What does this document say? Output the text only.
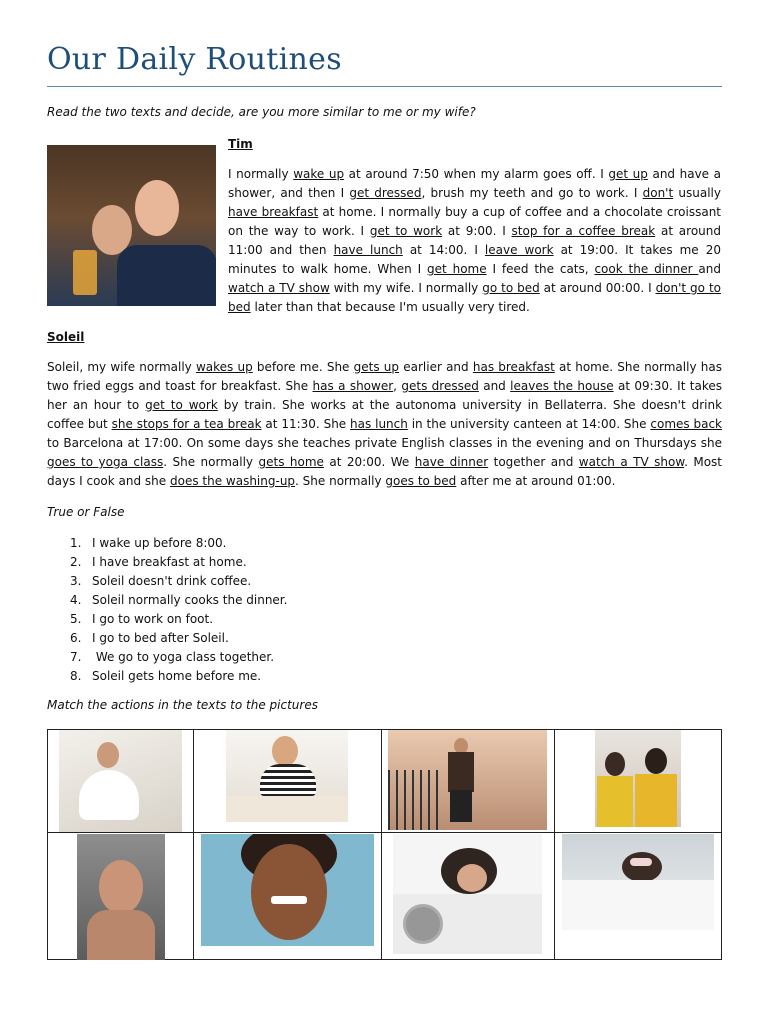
Our Daily Routines
Read the two texts and decide, are you more similar to me or my wife?
Tim

I normally wake up at around 7:50 when my alarm goes off. I get up and have a shower, and then I get dressed, brush my teeth and go to work. I don't usually have breakfast at home. I normally buy a cup of coffee and a chocolate croissant on the way to work. I get to work at 9:00. I stop for a coffee break at around 11:00 and then have lunch at 14:00. I leave work at 19:00. It takes me 20 minutes to walk home. When I get home I feed the cats, cook the dinner and watch a TV show with my wife. I normally go to bed at around 00:00. I don't go to bed later than that because I'm usually very tired.

Soleil

Soleil, my wife normally wakes up before me. She gets up earlier and has breakfast at home. She normally has two fried eggs and toast for breakfast. She has a shower, gets dressed and leaves the house at 09:30. It takes her an hour to get to work by train. She works at the autonoma university in Bellaterra. She doesn't drink coffee but she stops for a tea break at 11:30. She has lunch in the university canteen at 14:00. She comes back to Barcelona at 17:00. On some days she teaches private English classes in the evening and on Thursdays she goes to yoga class. She normally gets home at 20:00. We have dinner together and watch a TV show. Most days I cook and she does the washing-up. She normally goes to bed after me at around 01:00.

True or False
1. I wake up before 8:00.
2. I have breakfast at home.
3. Soleil doesn't drink coffee.
4. Soleil normally cooks the dinner.
5. I go to work on foot.
6. I go to bed after Soleil.
7. We go to yoga class together.
8. Soleil gets home before me.
Match the actions in the texts to the pictures
